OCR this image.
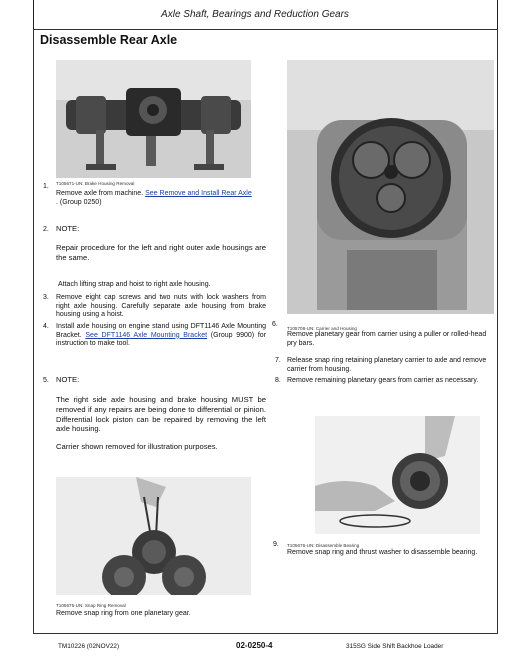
Axle Shaft, Bearings and Reduction Gears
Disassemble Rear Axle
T105671-UN: Brake Housing Removal
T105708-UN: Carrier and Housing
T105676-UN: Disassemble Bearing
T105675-UN: Snap Ring Removal
1.
Remove axle from machine. See Remove and Install Rear Axle
. (Group 0250)
2. NOTE:
Repair procedure for the left and right outer axle housings are the same.
Attach lifting strap and hoist to right axle housing.
3. Remove eight cap screws and two nuts with lock washers from right axle housing. Carefully separate axle housing from brake housing using a hoist.
4. Install axle housing on engine stand using DFT1146 Axle Mounting Bracket. See DFT1146 Axle Mounting Bracket (Group 9900) for instruction to make tool.
5. NOTE:
The right side axle housing and brake housing MUST be removed if any repairs are being done to differential or pinion. Differential lock piston can be repaired by removing the left axle housing.
Carrier shown removed for illustration purposes.
6.
Remove planetary gear from carrier using a puller or rolled-head pry bars.
7. Release snap ring retaining planetary carrier to axle and remove carrier from housing.
8. Remove remaining planetary gears from carrier as necessary.
9.
Remove snap ring and thrust washer to disassemble bearing.
Remove snap ring from one planetary gear.
TM10226 (02NOV22)	02-0250-4	315SG Side Shift Backhoe Loader
